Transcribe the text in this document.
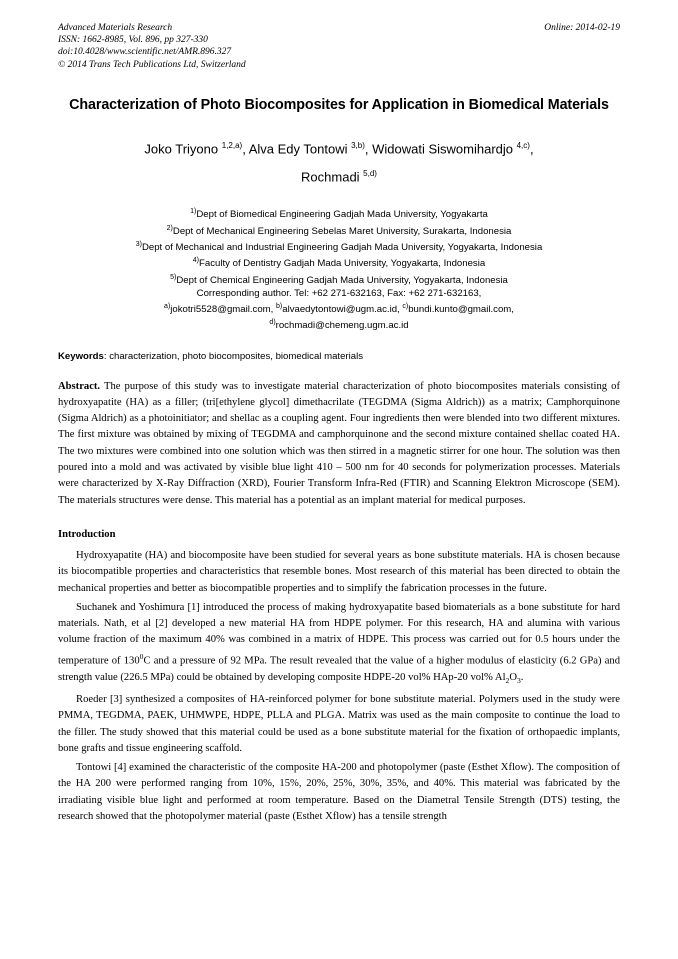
Advanced Materials Research
ISSN: 1662-8985, Vol. 896, pp 327-330
doi:10.4028/www.scientific.net/AMR.896.327
© 2014 Trans Tech Publications Ltd, Switzerland
Online: 2014-02-19
Characterization of Photo Biocomposites for Application in Biomedical Materials
Joko Triyono $^{1,2,a)}$, Alva Edy Tontowi $^{3,b)}$, Widowati Siswomihardjo $^{4,c)}$,
Rochmadi $^{5,d)}$
$^{1)}$Dept of Biomedical Engineering Gadjah Mada University, Yogyakarta
$^{2)}$Dept of Mechanical Engineering Sebelas Maret University, Surakarta, Indonesia
$^{3)}$Dept of Mechanical and Industrial Engineering Gadjah Mada University, Yogyakarta, Indonesia
$^{4)}$Faculty of Dentistry Gadjah Mada University, Yogyakarta, Indonesia
$^{5)}$Dept of Chemical Engineering Gadjah Mada University, Yogyakarta, Indonesia
Corresponding author. Tel: +62 271-632163, Fax: +62 271-632163,
$^{a)}$jokotri5528@gmail.com, $^{b)}$alvaedytontowi@ugm.ac.id, $^{c)}$bundi.kunto@gmail.com,
$^{d)}$rochmadi@chemeng.ugm.ac.id
Keywords: characterization, photo biocomposites, biomedical materials
Abstract. The purpose of this study was to investigate material characterization of photo biocomposites materials consisting of hydroxyapatite (HA) as a filler; (tri[ethylene glycol] dimethacrilate (TEGDMA (Sigma Aldrich)) as a matrix; Camphorquinone (Sigma Aldrich) as a photoinitiator; and shellac as a coupling agent. Four ingredients then were blended into two different mixtures. The first mixture was obtained by mixing of TEGDMA and camphorquinone and the second mixture contained shellac coated HA. The two mixtures were combined into one solution which was then stirred in a magnetic stirrer for one hour. The solution was then poured into a mold and was activated by visible blue light 410 – 500 nm for 40 seconds for polymerization processes. Materials were characterized by X-Ray Diffraction (XRD), Fourier Transform Infra-Red (FTIR) and Scanning Elektron Microscope (SEM). The materials structures were dense. This material has a potential as an implant material for medical purposes.
Introduction
Hydroxyapatite (HA) and biocomposite have been studied for several years as bone substitute materials. HA is chosen because its biocompatible properties and characteristics that resemble bones. Most research of this material has been directed to obtain the mechanical properties and better as biocompatible properties and to simplify the fabrication processes in the future.
Suchanek and Yoshimura [1] introduced the process of making hydroxyapatite based biomaterials as a bone substitute for hard materials. Nath, et al [2] developed a new material HA from HDPE polymer. For this research, HA and alumina with various volume fraction of the maximum 40% was combined in a matrix of HDPE. This process was carried out for 0.5 hours under the temperature of $130^0C$ and a pressure of 92 MPa. The result revealed that the value of a higher modulus of elasticity (6.2 GPa) and strength value (226.5 MPa) could be obtained by developing composite HDPE-20 vol% HAp-20 vol% $Al_2O_3$.
Roeder [3] synthesized a composites of HA-reinforced polymer for bone substitute material. Polymers used in the study were PMMA, TEGDMA, PAEK, UHMWPE, HDPE, PLLA and PLGA. Matrix was used as the main composite to continue the load to the filler. The study showed that this material could be used as a bone substitute material for the fixation of orthopaedic implants, bone grafts and tissue engineering scaffold.
Tontowi [4] examined the characteristic of the composite HA-200 and photopolymer (paste (Esthet Xflow). The composition of the HA 200 were performed ranging from 10%, 15%, 20%, 25%, 30%, 35%, and 40%. This material was fabricated by the irradiating visible blue light and performed at room temperature. Based on the Diametral Tensile Strength (DTS) testing, the research showed that the photopolymer material (paste (Esthet Xflow) has a tensile strength
